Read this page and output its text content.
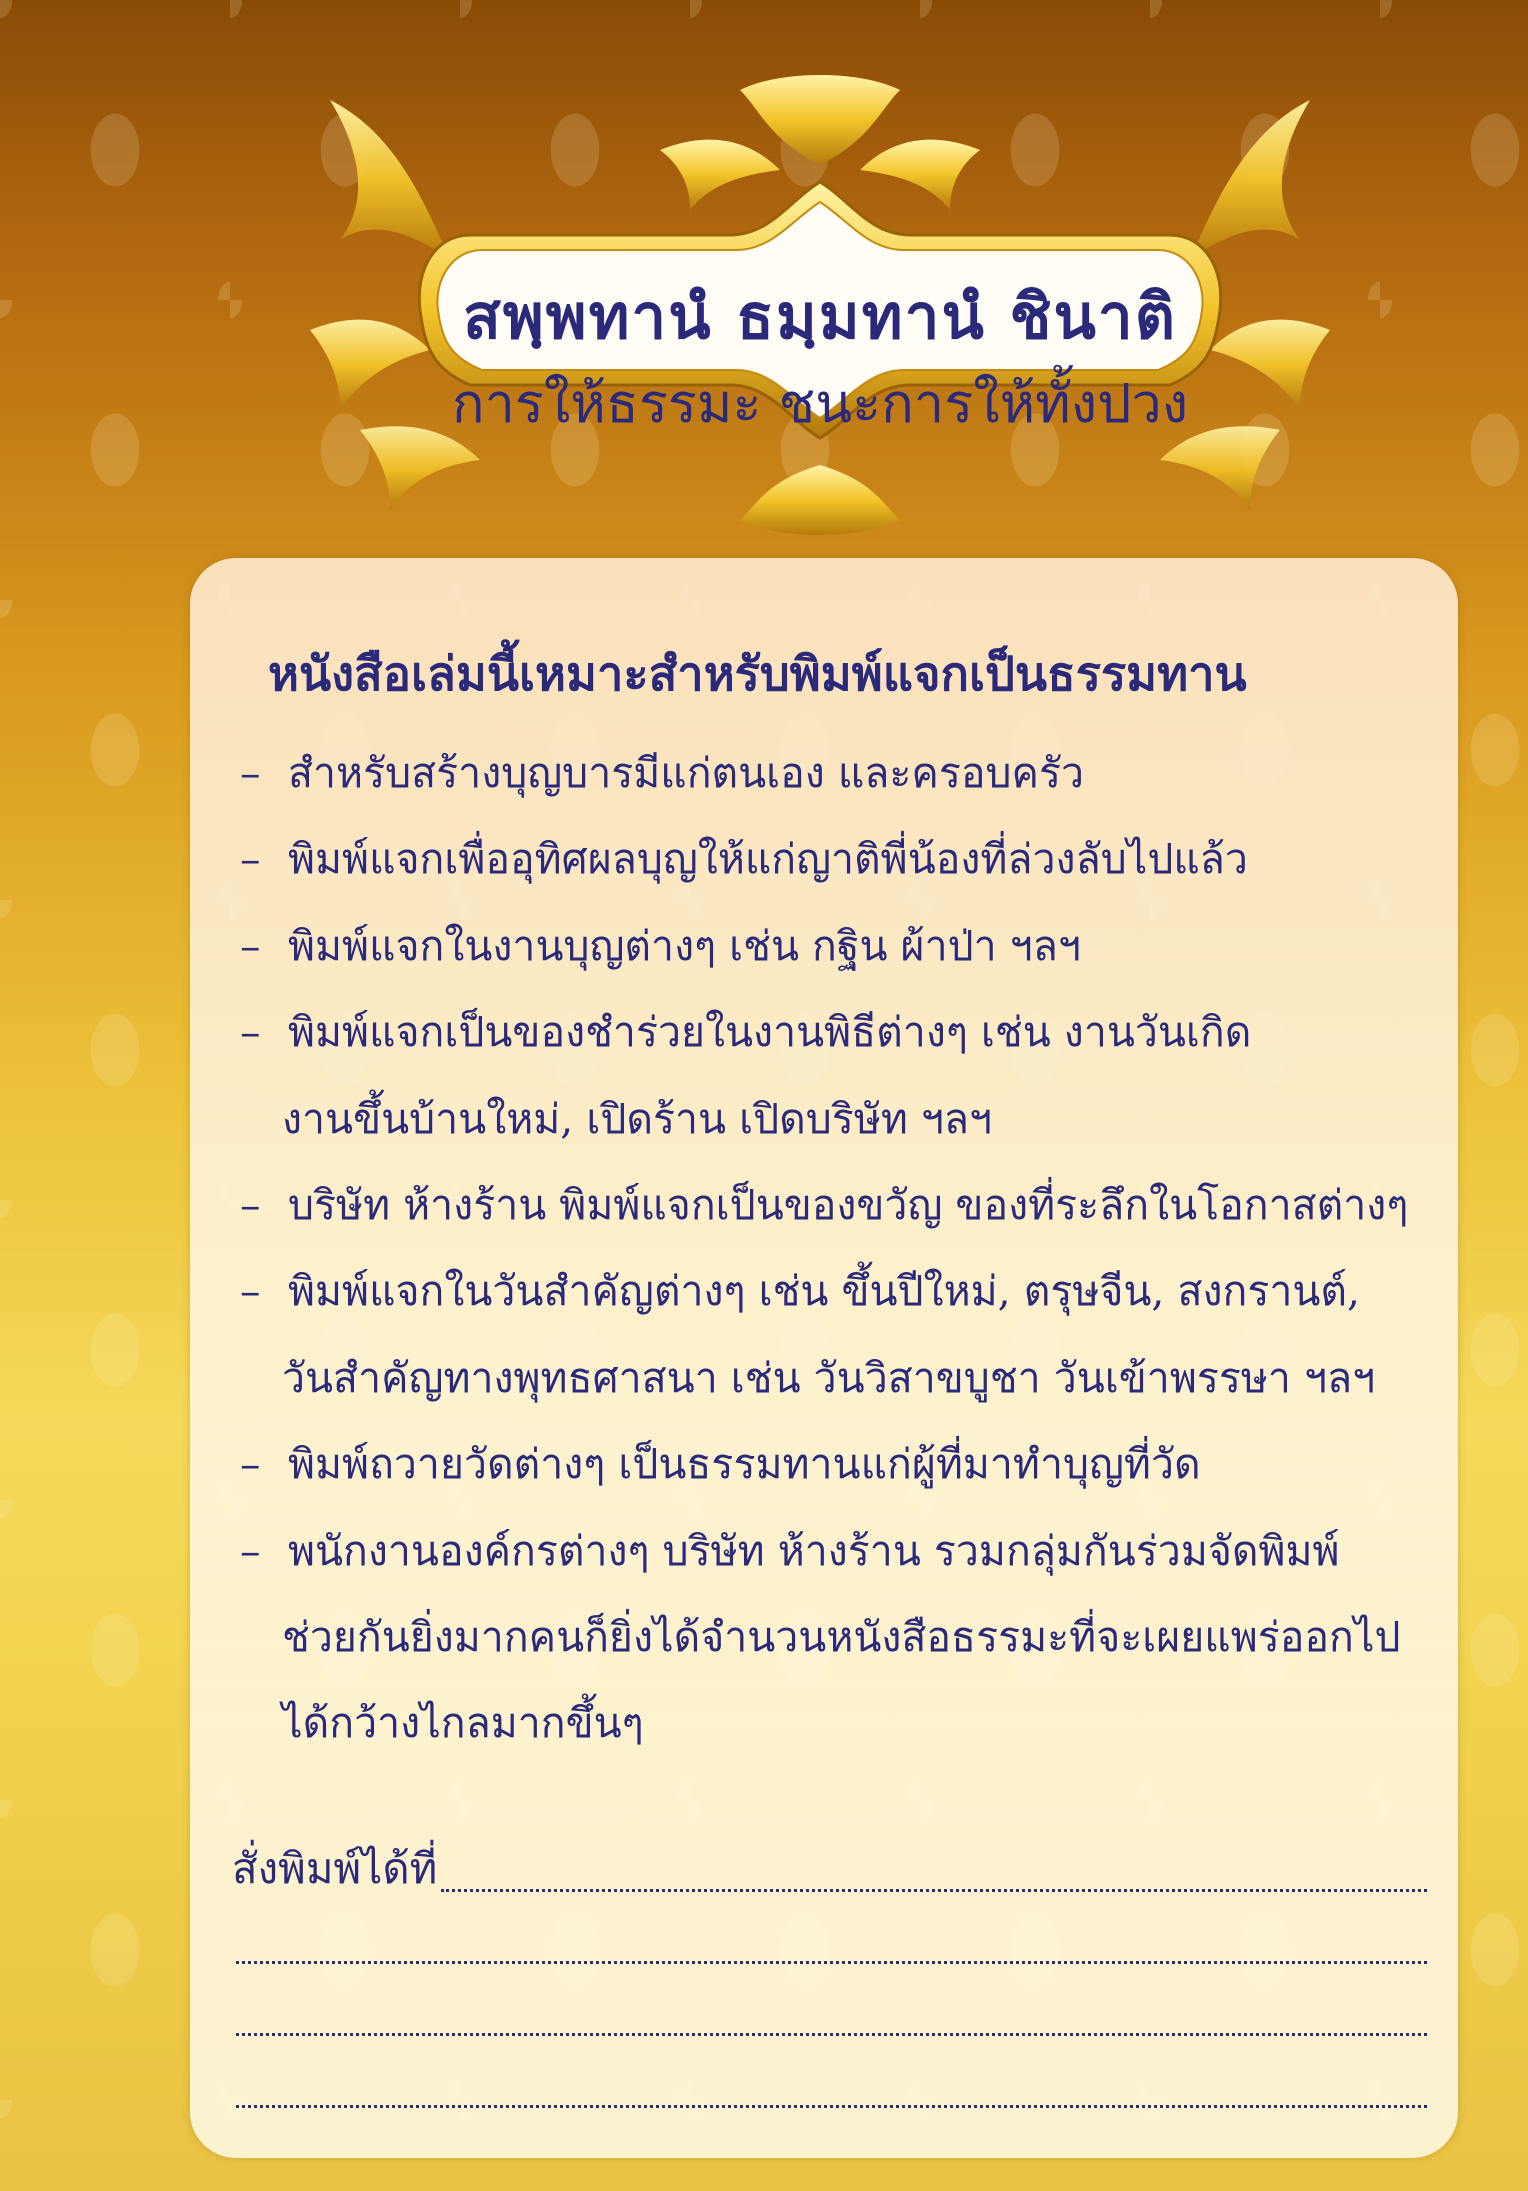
สพฺพทานํ ธมฺมทานํ ชินาติ
การให้ธรรมะ ชนะการให้ทั้งปวง
หนังสือเล่มนี้เหมาะสำหรับพิมพ์แจกเป็นธรรมทาน
– สำหรับสร้างบุญบารมีแก่ตนเอง และครอบครัว
– พิมพ์แจกเพื่ออุทิศผลบุญให้แก่ญาติพี่น้องที่ล่วงลับไปแล้ว
– พิมพ์แจกในงานบุญต่างๆ เช่น กฐิน ผ้าป่า ฯลฯ
– พิมพ์แจกเป็นของชำร่วยในงานพิธีต่างๆ เช่น งานวันเกิด
งานขึ้นบ้านใหม่, เปิดร้าน เปิดบริษัท ฯลฯ
– บริษัท ห้างร้าน พิมพ์แจกเป็นของขวัญ ของที่ระลึกในโอกาสต่างๆ
– พิมพ์แจกในวันสำคัญต่างๆ เช่น ขึ้นปีใหม่, ตรุษจีน, สงกรานต์,
วันสำคัญทางพุทธศาสนา เช่น วันวิสาขบูชา วันเข้าพรรษา ฯลฯ
– พิมพ์ถวายวัดต่างๆ เป็นธรรมทานแก่ผู้ที่มาทำบุญที่วัด
– พนักงานองค์กรต่างๆ บริษัท ห้างร้าน รวมกลุ่มกันร่วมจัดพิมพ์
ช่วยกันยิ่งมากคนก็ยิ่งได้จำนวนหนังสือธรรมะที่จะเผยแพร่ออกไป
ได้กว้างไกลมากขึ้นๆ
สั่งพิมพ์ได้ที่
